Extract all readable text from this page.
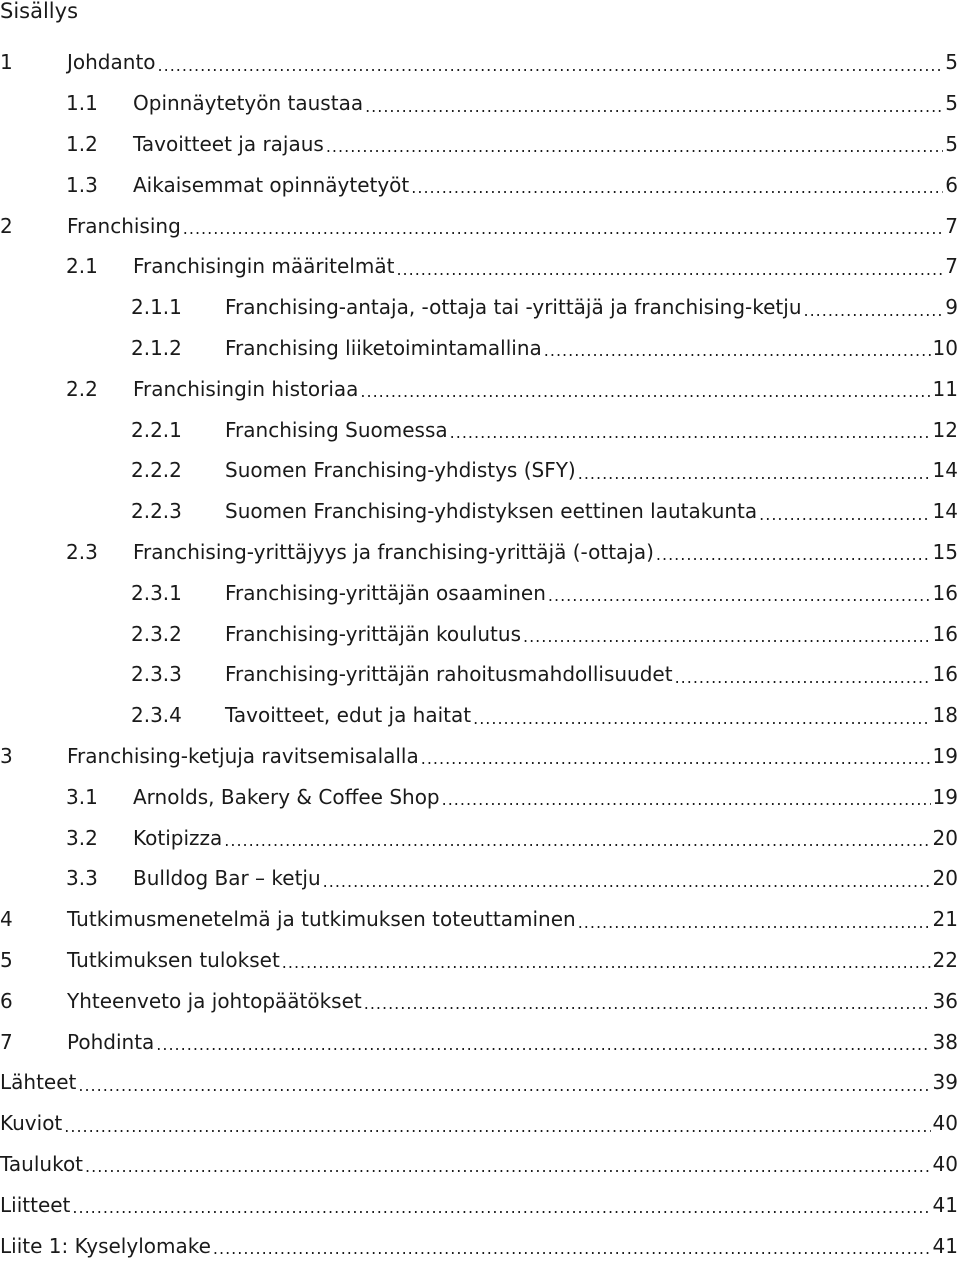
Sisällys
1	Johdanto .....	5
1.1	Opinnäytetyön taustaa .....	5
1.2	Tavoitteet ja rajaus .....	5
1.3	Aikaisemmat opinnäytetyöt .....	6
2	Franchising .....	7
2.1	Franchisingin määritelmät .....	7
2.1.1	Franchising-antaja, -ottaja tai -yrittäjä ja franchising-ketju .....	9
2.1.2	Franchising liiketoimintamallina .....	10
2.2	Franchisingin historiaa .....	11
2.2.1	Franchising Suomessa .....	12
2.2.2	Suomen Franchising-yhdistys (SFY) .....	14
2.2.3	Suomen Franchising-yhdistyksen eettinen lautakunta .....	14
2.3	Franchising-yrittäjyys ja franchising-yrittäjä (-ottaja) .....	15
2.3.1	Franchising-yrittäjän osaaminen .....	16
2.3.2	Franchising-yrittäjän koulutus .....	16
2.3.3	Franchising-yrittäjän rahoitusmahdollisuudet .....	16
2.3.4	Tavoitteet, edut ja haitat .....	18
3	Franchising-ketjuja ravitsemisalalla .....	19
3.1	Arnolds, Bakery & Coffee Shop .....	19
3.2	Kotipizza .....	20
3.3	Bulldog Bar – ketju .....	20
4	Tutkimusmenetelmä ja tutkimuksen toteuttaminen .....	21
5	Tutkimuksen tulokset .....	22
6	Yhteenveto ja johtopäätökset .....	36
7	Pohdinta .....	38
Lähteet .....	39
Kuviot .....	40
Taulukot .....	40
Liitteet .....	41
Liite 1: Kyselylomake .....	41
